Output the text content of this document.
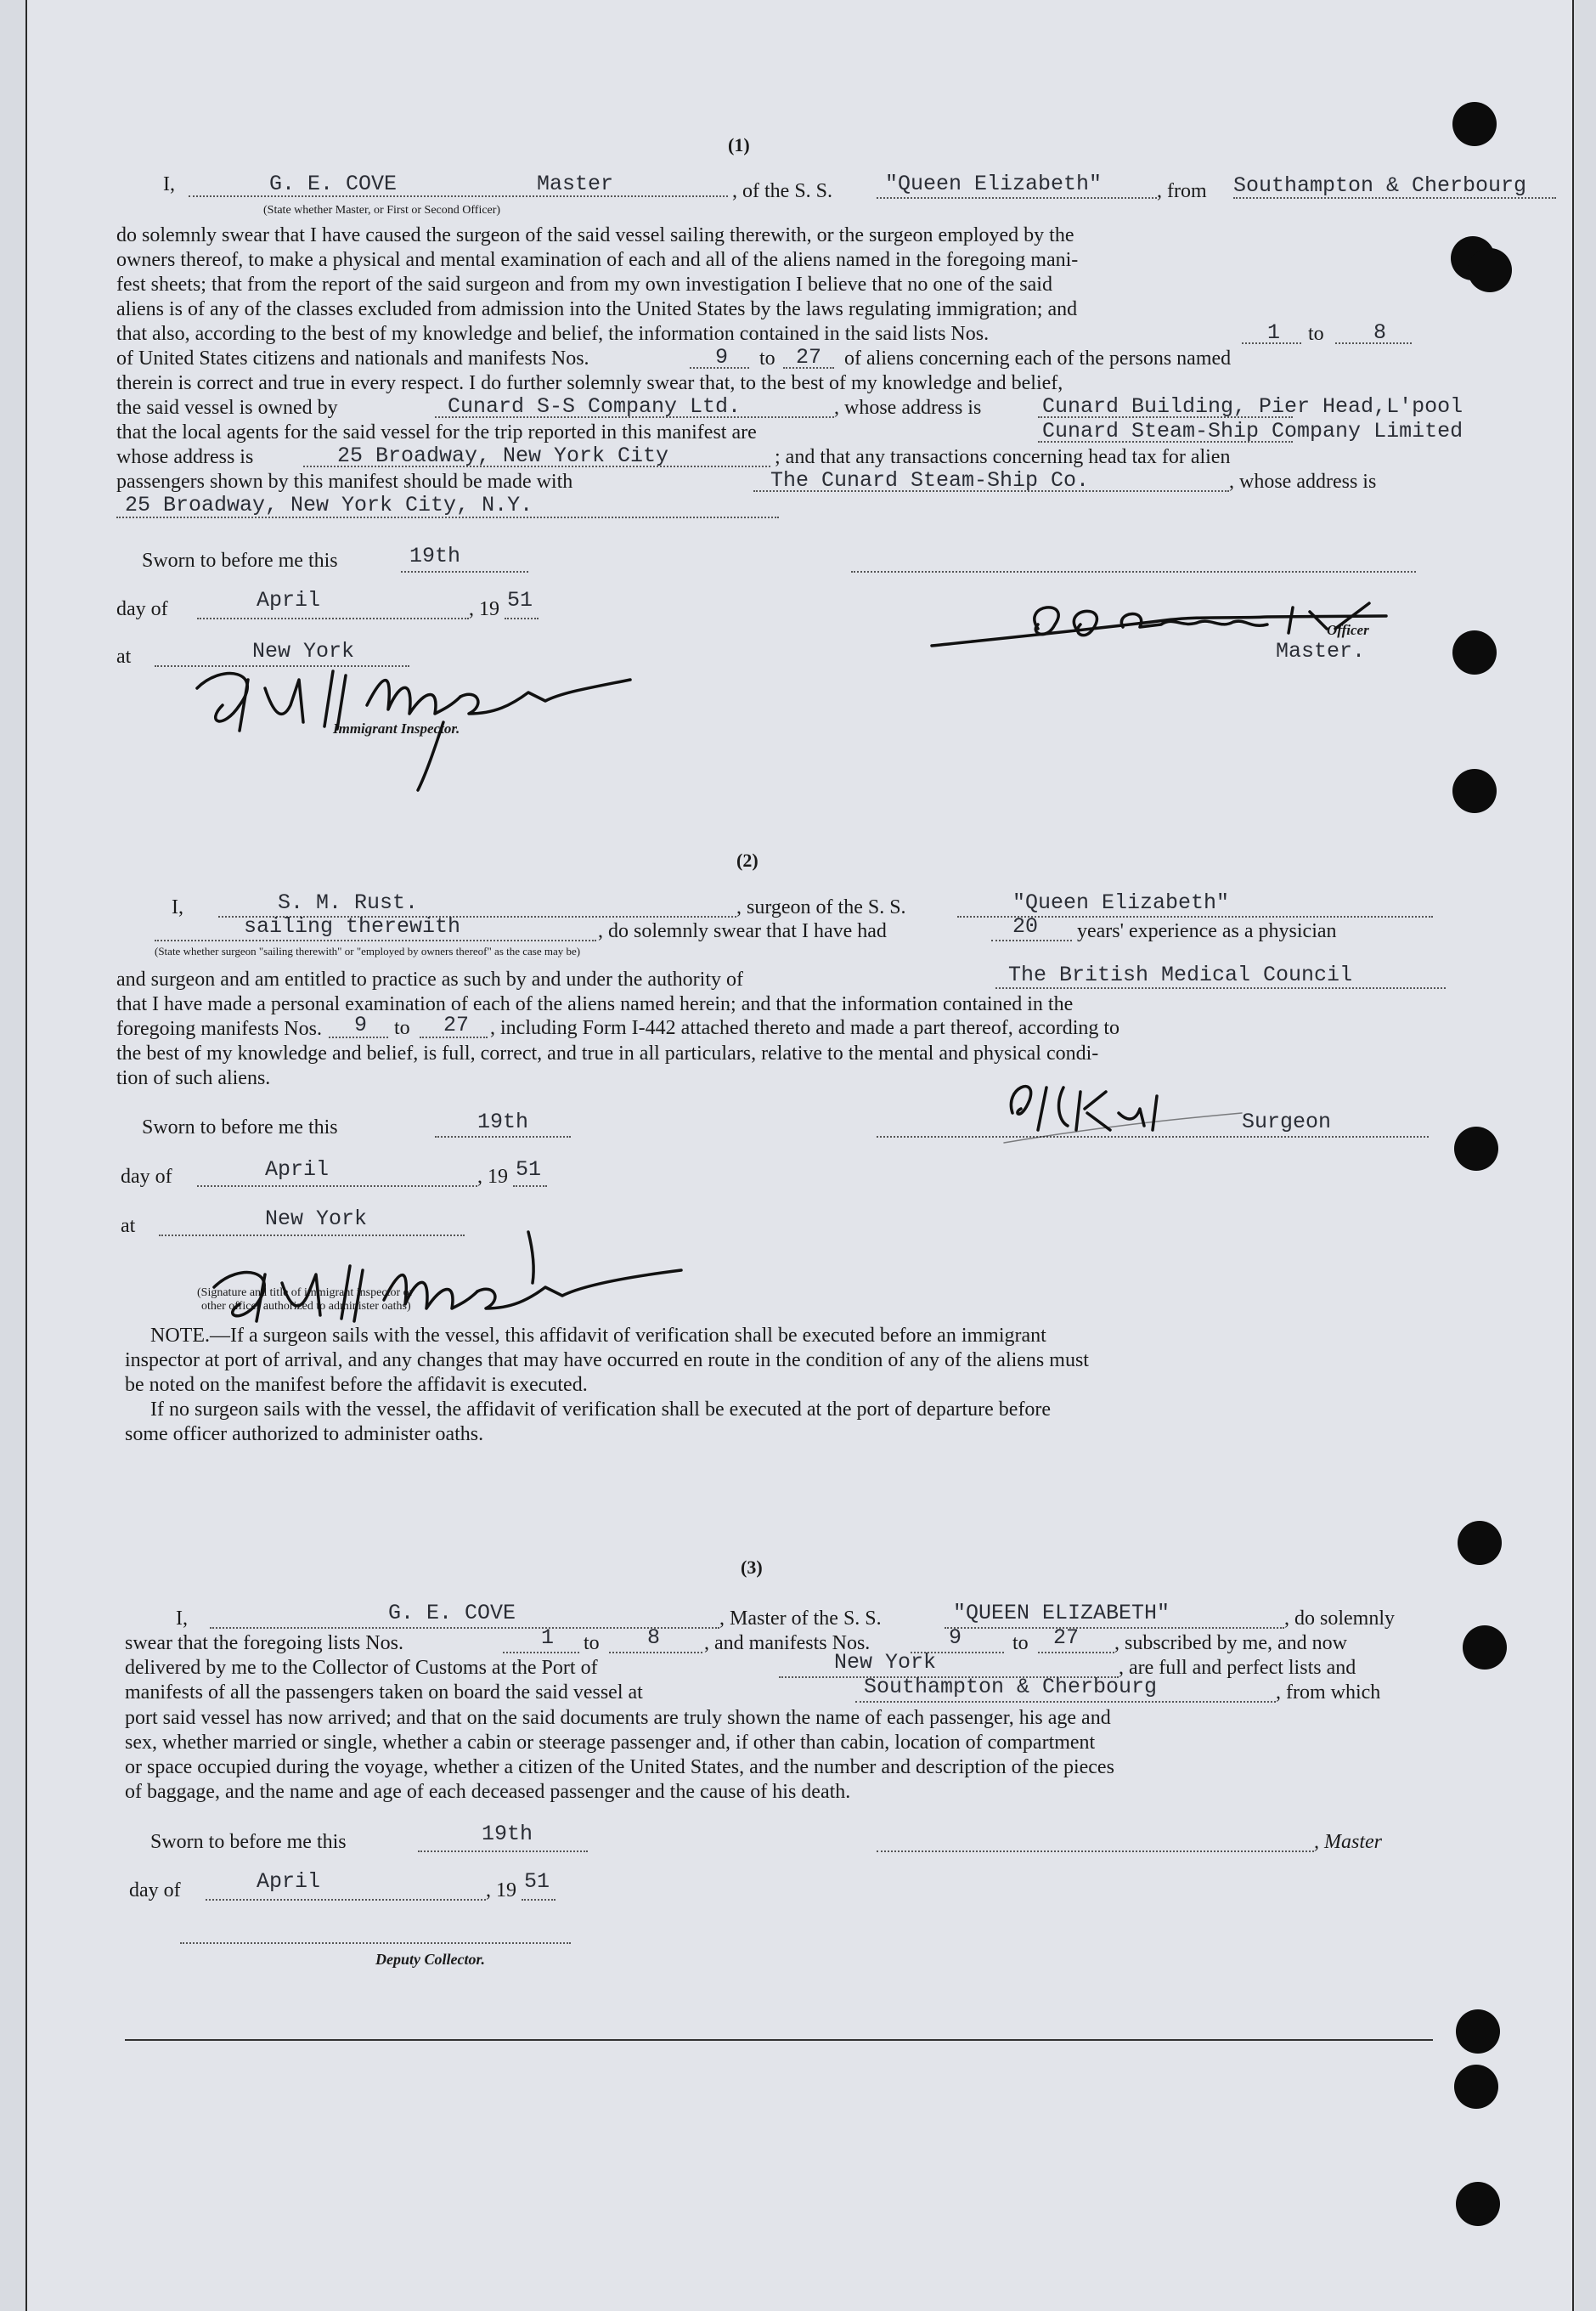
(1)
I,	G. E. COVE	Master	, of the S. S. "Queen Elizabeth"	, from Southampton & Cherbourg
(State whether Master, or First or Second Officer)

do solemnly swear that I have caused the surgeon of the said vessel sailing therewith, or the surgeon employed by the

owners thereof, to make a physical and mental examination of each and all of the aliens named in the foregoing mani-

fest sheets; that from the report of the said surgeon and from my own investigation I believe that no one of the said

aliens is of any of the classes excluded from admission into the United States by the laws regulating immigration; and

that also, according to the best of my knowledge and belief, the information contained in the said lists Nos.

of United States citizens and nationals and manifests Nos.

therein is correct and true in every respect. I do further solemnly swear that, to the best of my knowledge and belief,

the said vessel is owned by

that the local agents for the said vessel for the trip reported in this manifest are

whose address is

passengers shown by this manifest should be made with

1 to 8
9 to 27 of aliens concerning each of the persons named
Cunard S-S Company Ltd.	, whose address is	Cunard Building, Pier Head,L'pool
Cunard Steam-Ship Company Limited
25 Broadway, New York City	; and that any transactions concerning head tax for alien
The Cunard Steam-Ship Co.	, whose address is
25 Broadway, New York City, N.Y.
Sworn to before me this	19th
day of	April	, 19 51
at	New York
Immigrant Inspector.
Officer
Master.
(2)
I,	S. M. Rust.	, surgeon of the S. S.	"Queen Elizabeth"
sailing therewith	, do solemnly swear that I have had	20 years' experience as a physician
(State whether surgeon "sailing therewith" or "employed by owners thereof" as the case may be)
and surgeon and am entitled to practice as such by and under the authority of	The British Medical Council

that I have made a personal examination of each of the aliens named herein; and that the information contained in the

foregoing manifests Nos.

the best of my knowledge and belief, is full, correct, and true in all particulars, relative to the mental and physical condi-

tion of such aliens.

9 to 27 , including Form I-442 attached thereto and made a part thereof, according to
Sworn to before me this	19th	Surgeon
day of	April	, 19 51
at	New York
(Signature and title of immigrant inspector or
other officer authorized to administer oaths)

NOTE.—If a surgeon sails with the vessel, this affidavit of verification shall be executed before an immigrant

inspector at port of arrival, and any changes that may have occurred en route in the condition of any of the aliens must

be noted on the manifest before the affidavit is executed.

If no surgeon sails with the vessel, the affidavit of verification shall be executed at the port of departure before

some officer authorized to administer oaths.

(3)
I,	G. E. COVE	, Master of the S. S.	"QUEEN ELIZABETH"	, do solemnly
swear that the foregoing lists Nos.	1 to 8 , and manifests Nos.	9 to 27 , subscribed by me, and now
delivered by me to the Collector of Customs at the Port of	New York	, are full and perfect lists and
manifests of all the passengers taken on board the said vessel at	Southampton & Cherbourg	, from which

port said vessel has now arrived; and that on the said documents are truly shown the name of each passenger, his age and

sex, whether married or single, whether a cabin or steerage passenger and, if other than cabin, location of compartment

or space occupied during the voyage, whether a citizen of the United States, and the number and description of the pieces

of baggage, and the name and age of each deceased passenger and the cause of his death.

Sworn to before me this	19th	, Master
day of	April	, 19 51
Deputy Collector.
